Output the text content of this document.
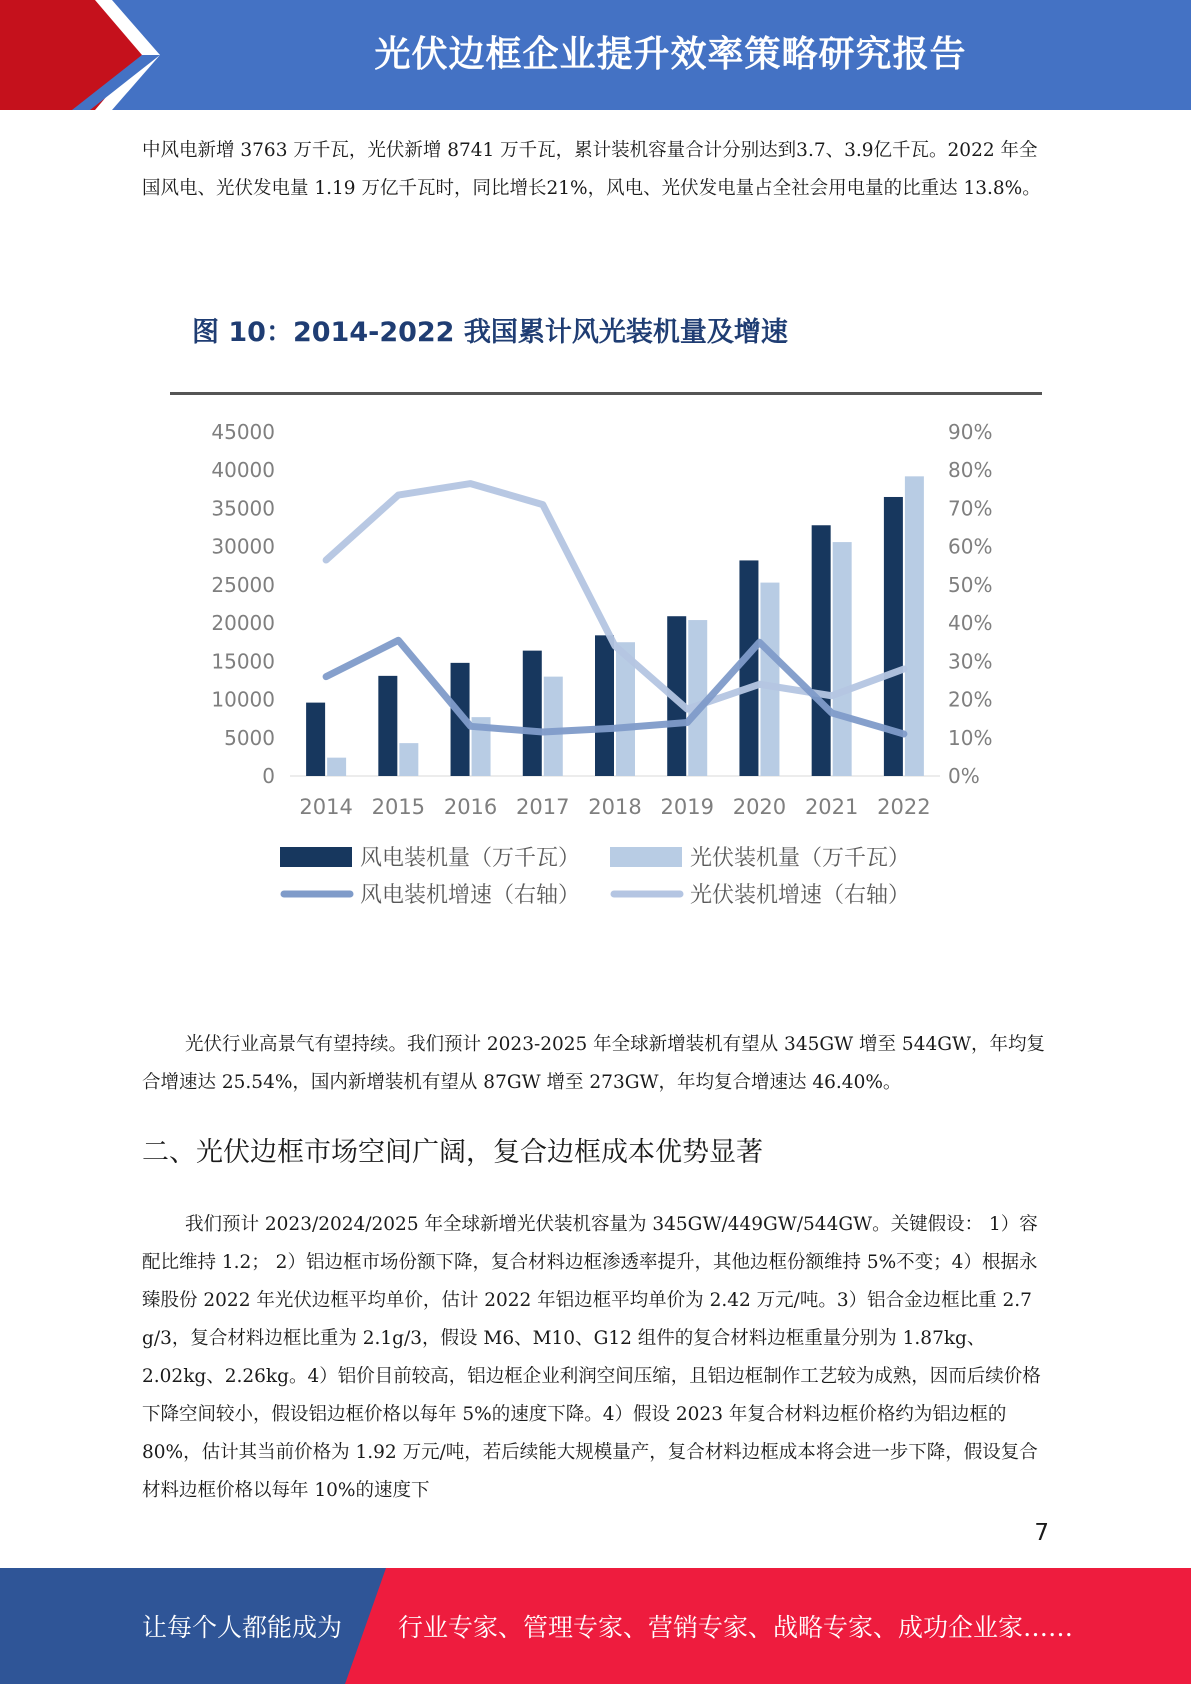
光伏边框企业提升效率策略研究报告

中风电新增 3763 万千瓦，光伏新增 8741 万千瓦，累计装机容量合计分别达到3.7、3.9亿千瓦。2022 年全国风电、光伏发电量 1.19 万亿千瓦时，同比增长21%，风电、光伏发电量占全社会用电量的比重达 13.8%。

图 10：2014-2022 我国累计风光装机量及增速
0
5000
10000
15000
20000
25000
30000
35000
40000
45000
0%
10%
20%
30%
40%
50%
60%
70%
80%
90%
2014 2015 2016 2017 2018 2019 2020 2021 2022
风电装机量（万千瓦）	光伏装机量（万千瓦）
风电装机增速（右轴）	光伏装机增速（右轴）

光伏行业高景气有望持续。我们预计 2023-2025 年全球新增装机有望从 345GW 增至 544GW，年均复合增速达 25.54%，国内新增装机有望从 87GW 增至 273GW，年均复合增速达 46.40%。

二、光伏边框市场空间广阔，复合边框成本优势显著

我们预计 2023/2024/2025 年全球新增光伏装机容量为 345GW/449GW/544GW。关键假设： 1）容配比维持 1.2； 2）铝边框市场份额下降，复合材料边框渗透率提升，其他边框份额维持 5%不变；4）根据永臻股份 2022 年光伏边框平均单价，估计 2022 年铝边框平均单价为 2.42 万元/吨。3）铝合金边框比重 2.7 g/3，复合材料边框比重为 2.1g/3，假设 M6、M10、G12 组件的复合材料边框重量分别为 1.87kg、2.02kg、2.26kg。4）铝价目前较高，铝边框企业利润空间压缩，且铝边框制作工艺较为成熟，因而后续价格下降空间较小，假设铝边框价格以每年 5%的速度下降。4）假设 2023 年复合材料边框价格约为铝边框的 80%，估计其当前价格为 1.92 万元/吨，若后续能大规模量产，复合材料边框成本将会进一步下降，假设复合材料边框价格以每年 10%的速度下

7
让每个人都能成为 行业专家、管理专家、营销专家、战略专家、成功企业家……
